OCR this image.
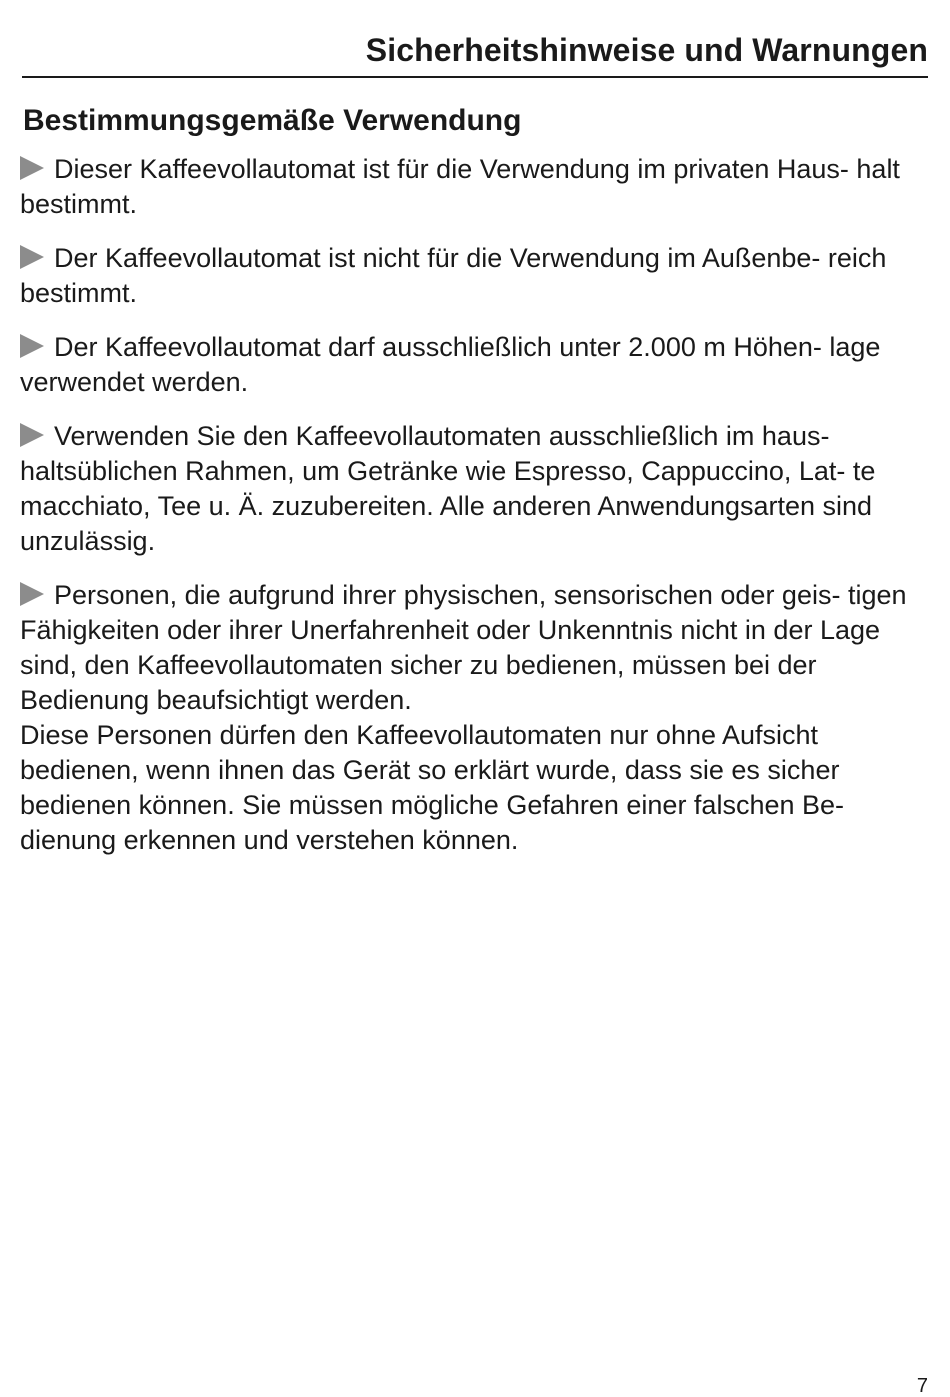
Sicherheitshinweise und Warnungen
Bestimmungsgemäße Verwendung

Dieser Kaffeevollautomat ist für die Verwendung im privaten Haus- halt bestimmt.

Der Kaffeevollautomat ist nicht für die Verwendung im Außenbe- reich bestimmt.

Der Kaffeevollautomat darf ausschließlich unter 2.000 m Höhen- lage verwendet werden.

Verwenden Sie den Kaffeevollautomaten ausschließlich im haus- haltsüblichen Rahmen, um Getränke wie Espresso, Cappuccino, Lat- te macchiato, Tee u. Ä. zuzubereiten. Alle anderen Anwendungsarten sind unzulässig.

Personen, die aufgrund ihrer physischen, sensorischen oder geis- tigen Fähigkeiten oder ihrer Unerfahrenheit oder Unkenntnis nicht in der Lage sind, den Kaffeevollautomaten sicher zu bedienen, müssen bei der Bedienung beaufsichtigt werden.

Diese Personen dürfen den Kaffeevollautomaten nur ohne Aufsicht bedienen, wenn ihnen das Gerät so erklärt wurde, dass sie es sicher bedienen können. Sie müssen mögliche Gefahren einer falschen Be- dienung erkennen und verstehen können.

7
